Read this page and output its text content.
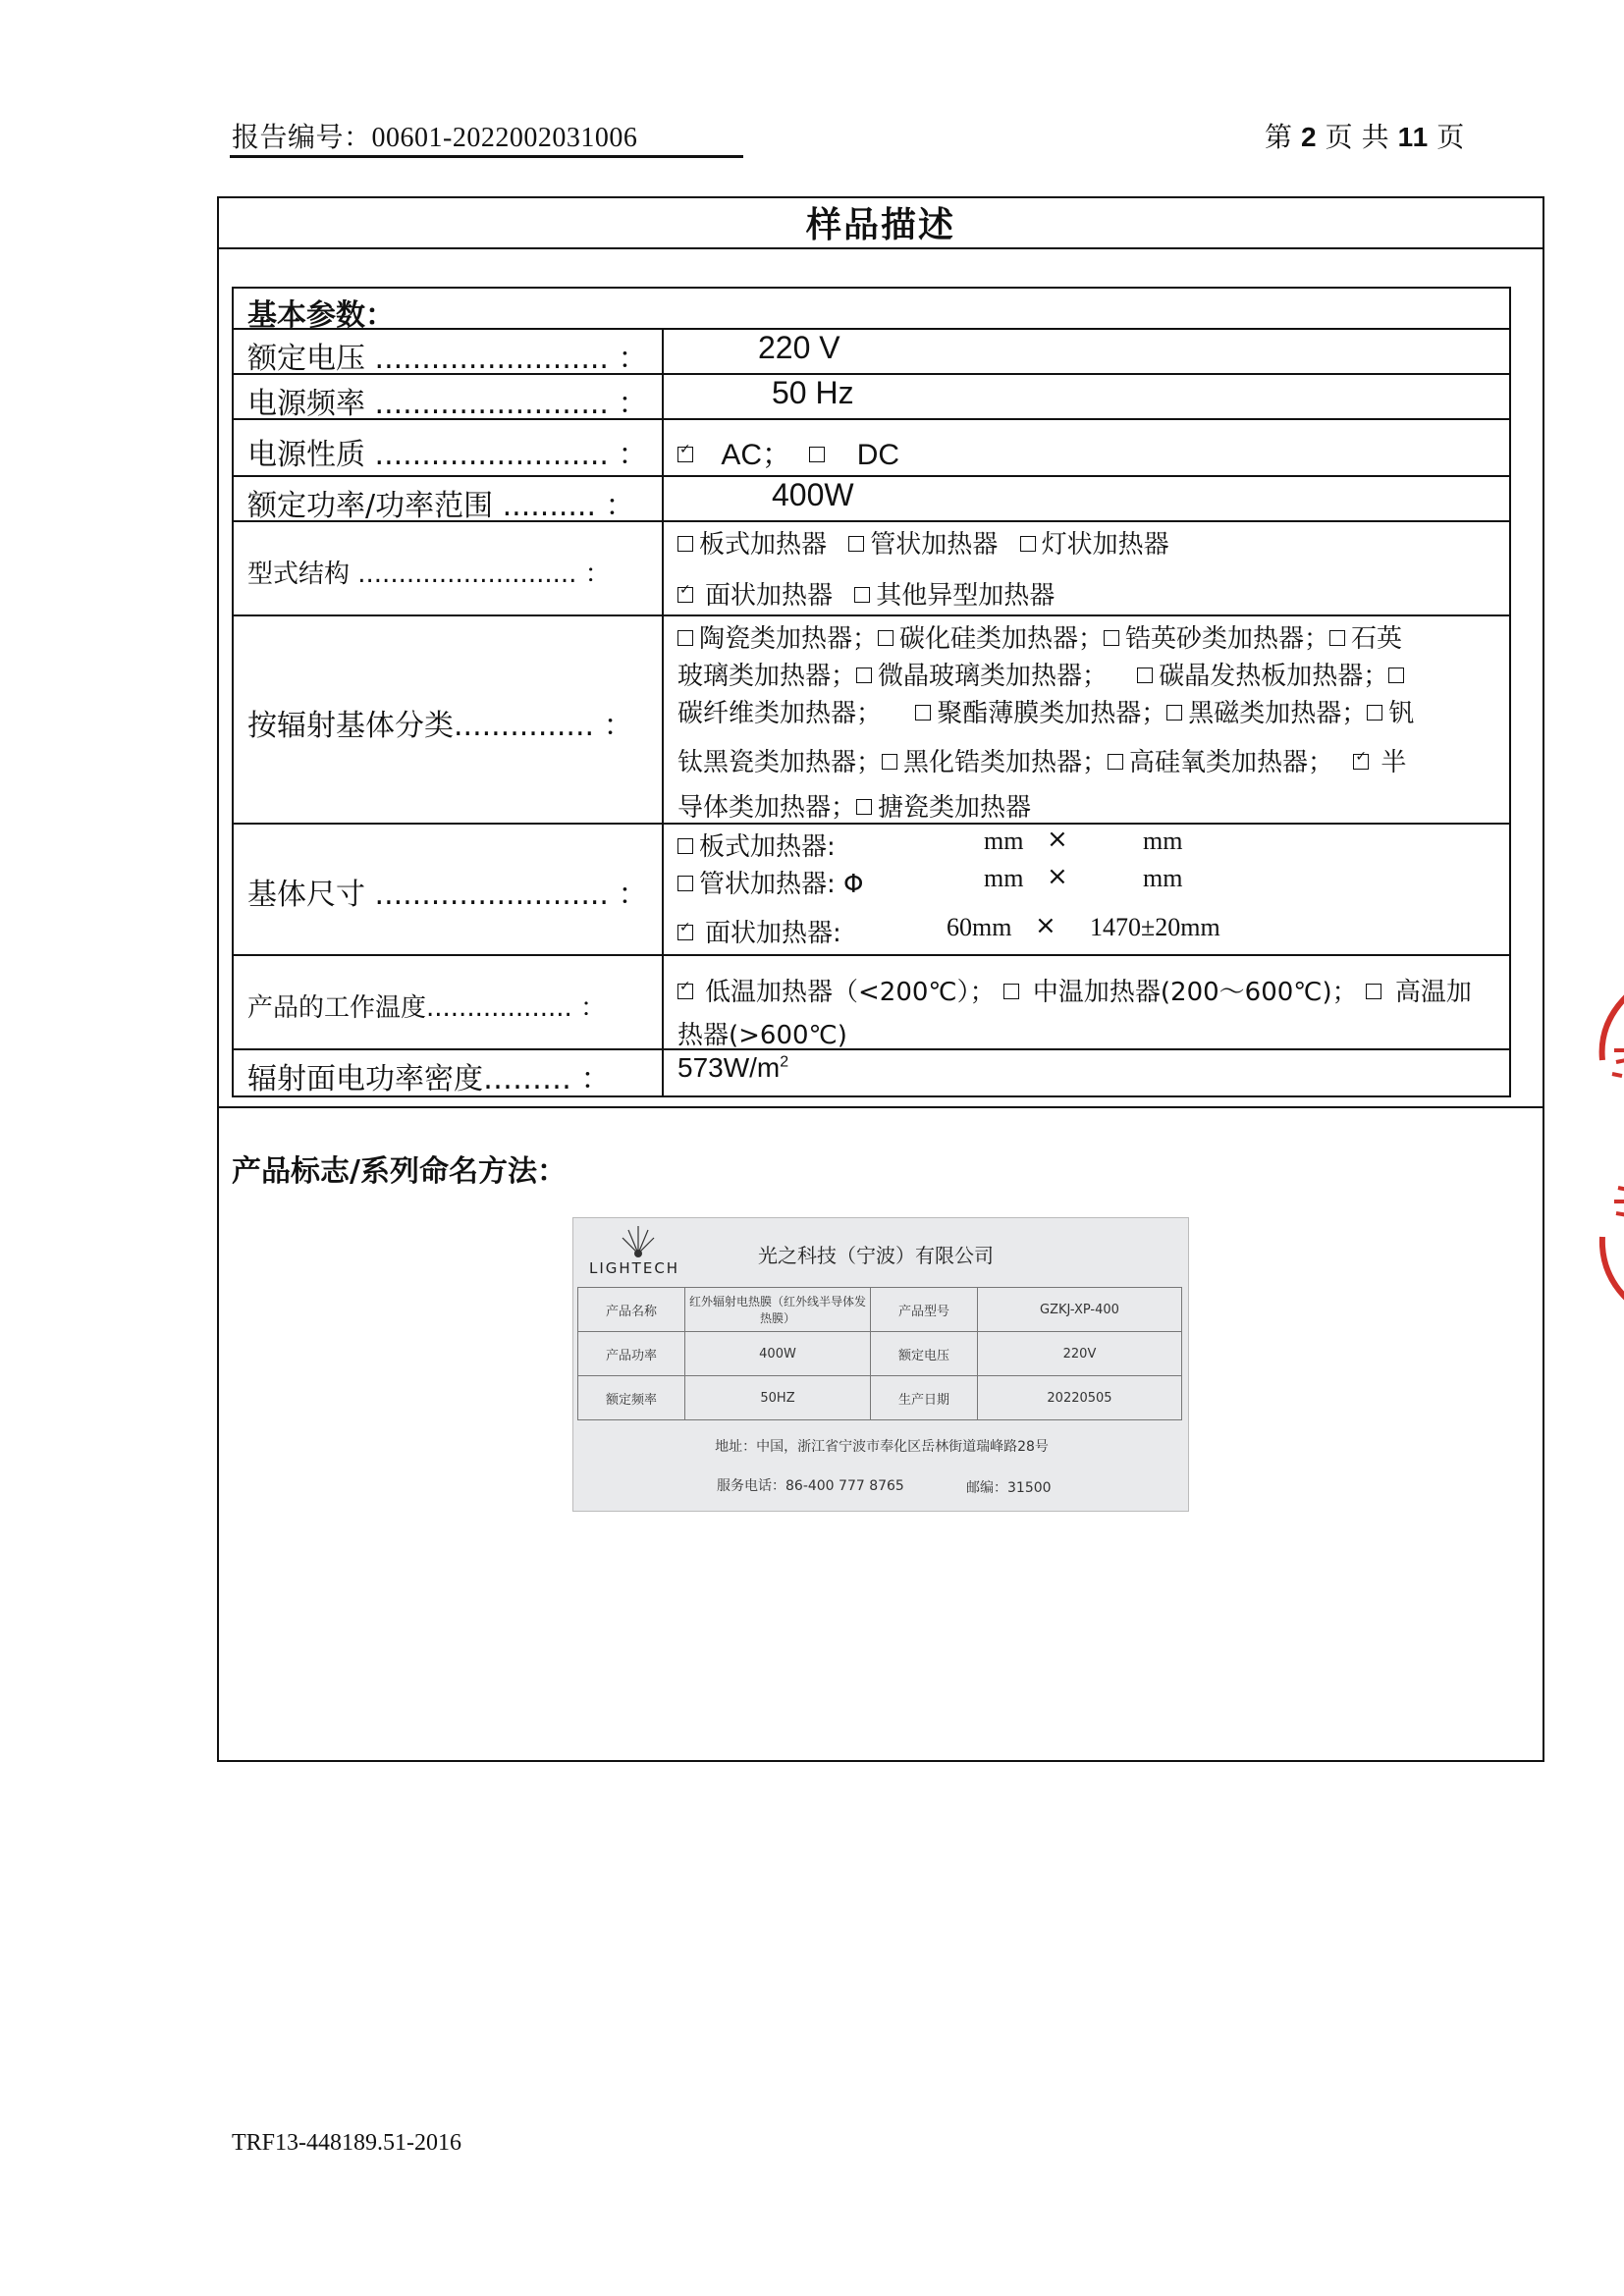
报告编号：00601-2022002031006	第 2 页 共 11 页
样品描述
基本参数：
额定电压 ......................... ：	220 V
电源频率 ......................... ：	50 Hz
电源性质 ......................... ： ✓	AC； DC
额定功率/功率范围 .......... ：	400W
型式结构 ........................... ：
板式加热器 管状加热器 灯状加热器
✓面状加热器 其他异型加热器
按辐射基体分类............... ：
陶瓷类加热器； 碳化硅类加热器； 锆英砂类加热器； 石英
玻璃类加热器； 微晶玻璃类加热器； 碳晶发热板加热器；
碳纤维类加热器； 聚酯薄膜类加热器； 黑磁类加热器； 钒
钛黑瓷类加热器； 黑化锆类加热器； 高硅氧类加热器； ✓ 半
导体类加热器； 搪瓷类加热器
基体尺寸 ......................... ：
板式加热器:	mm ×	mm
管状加热器: Φ	mm ×	mm
✓面状加热器:	60mm × 1470±20mm
产品的工作温度.................. ：
✓低温加热器（<200℃）； 中温加热器(200～600℃)； 高温加
热器(>600℃)
辐射面电功率密度……… ： $573W/m^2$
产品标志/系列命名方法：
LIGHTECH
光之科技（宁波）有限公司
产品名称	红外辐射电热膜（红外线半导体发热膜）	产品型号	GZKJ-XP-400
产品功率	400W	额定电压	220V
额定频率	50HZ	生产日期	20220505
地址：中国，浙江省宁波市奉化区岳林街道瑞峰路28号
服务电话：86-400 777 8765	邮编：31500
TRF13-448189.51-2016
